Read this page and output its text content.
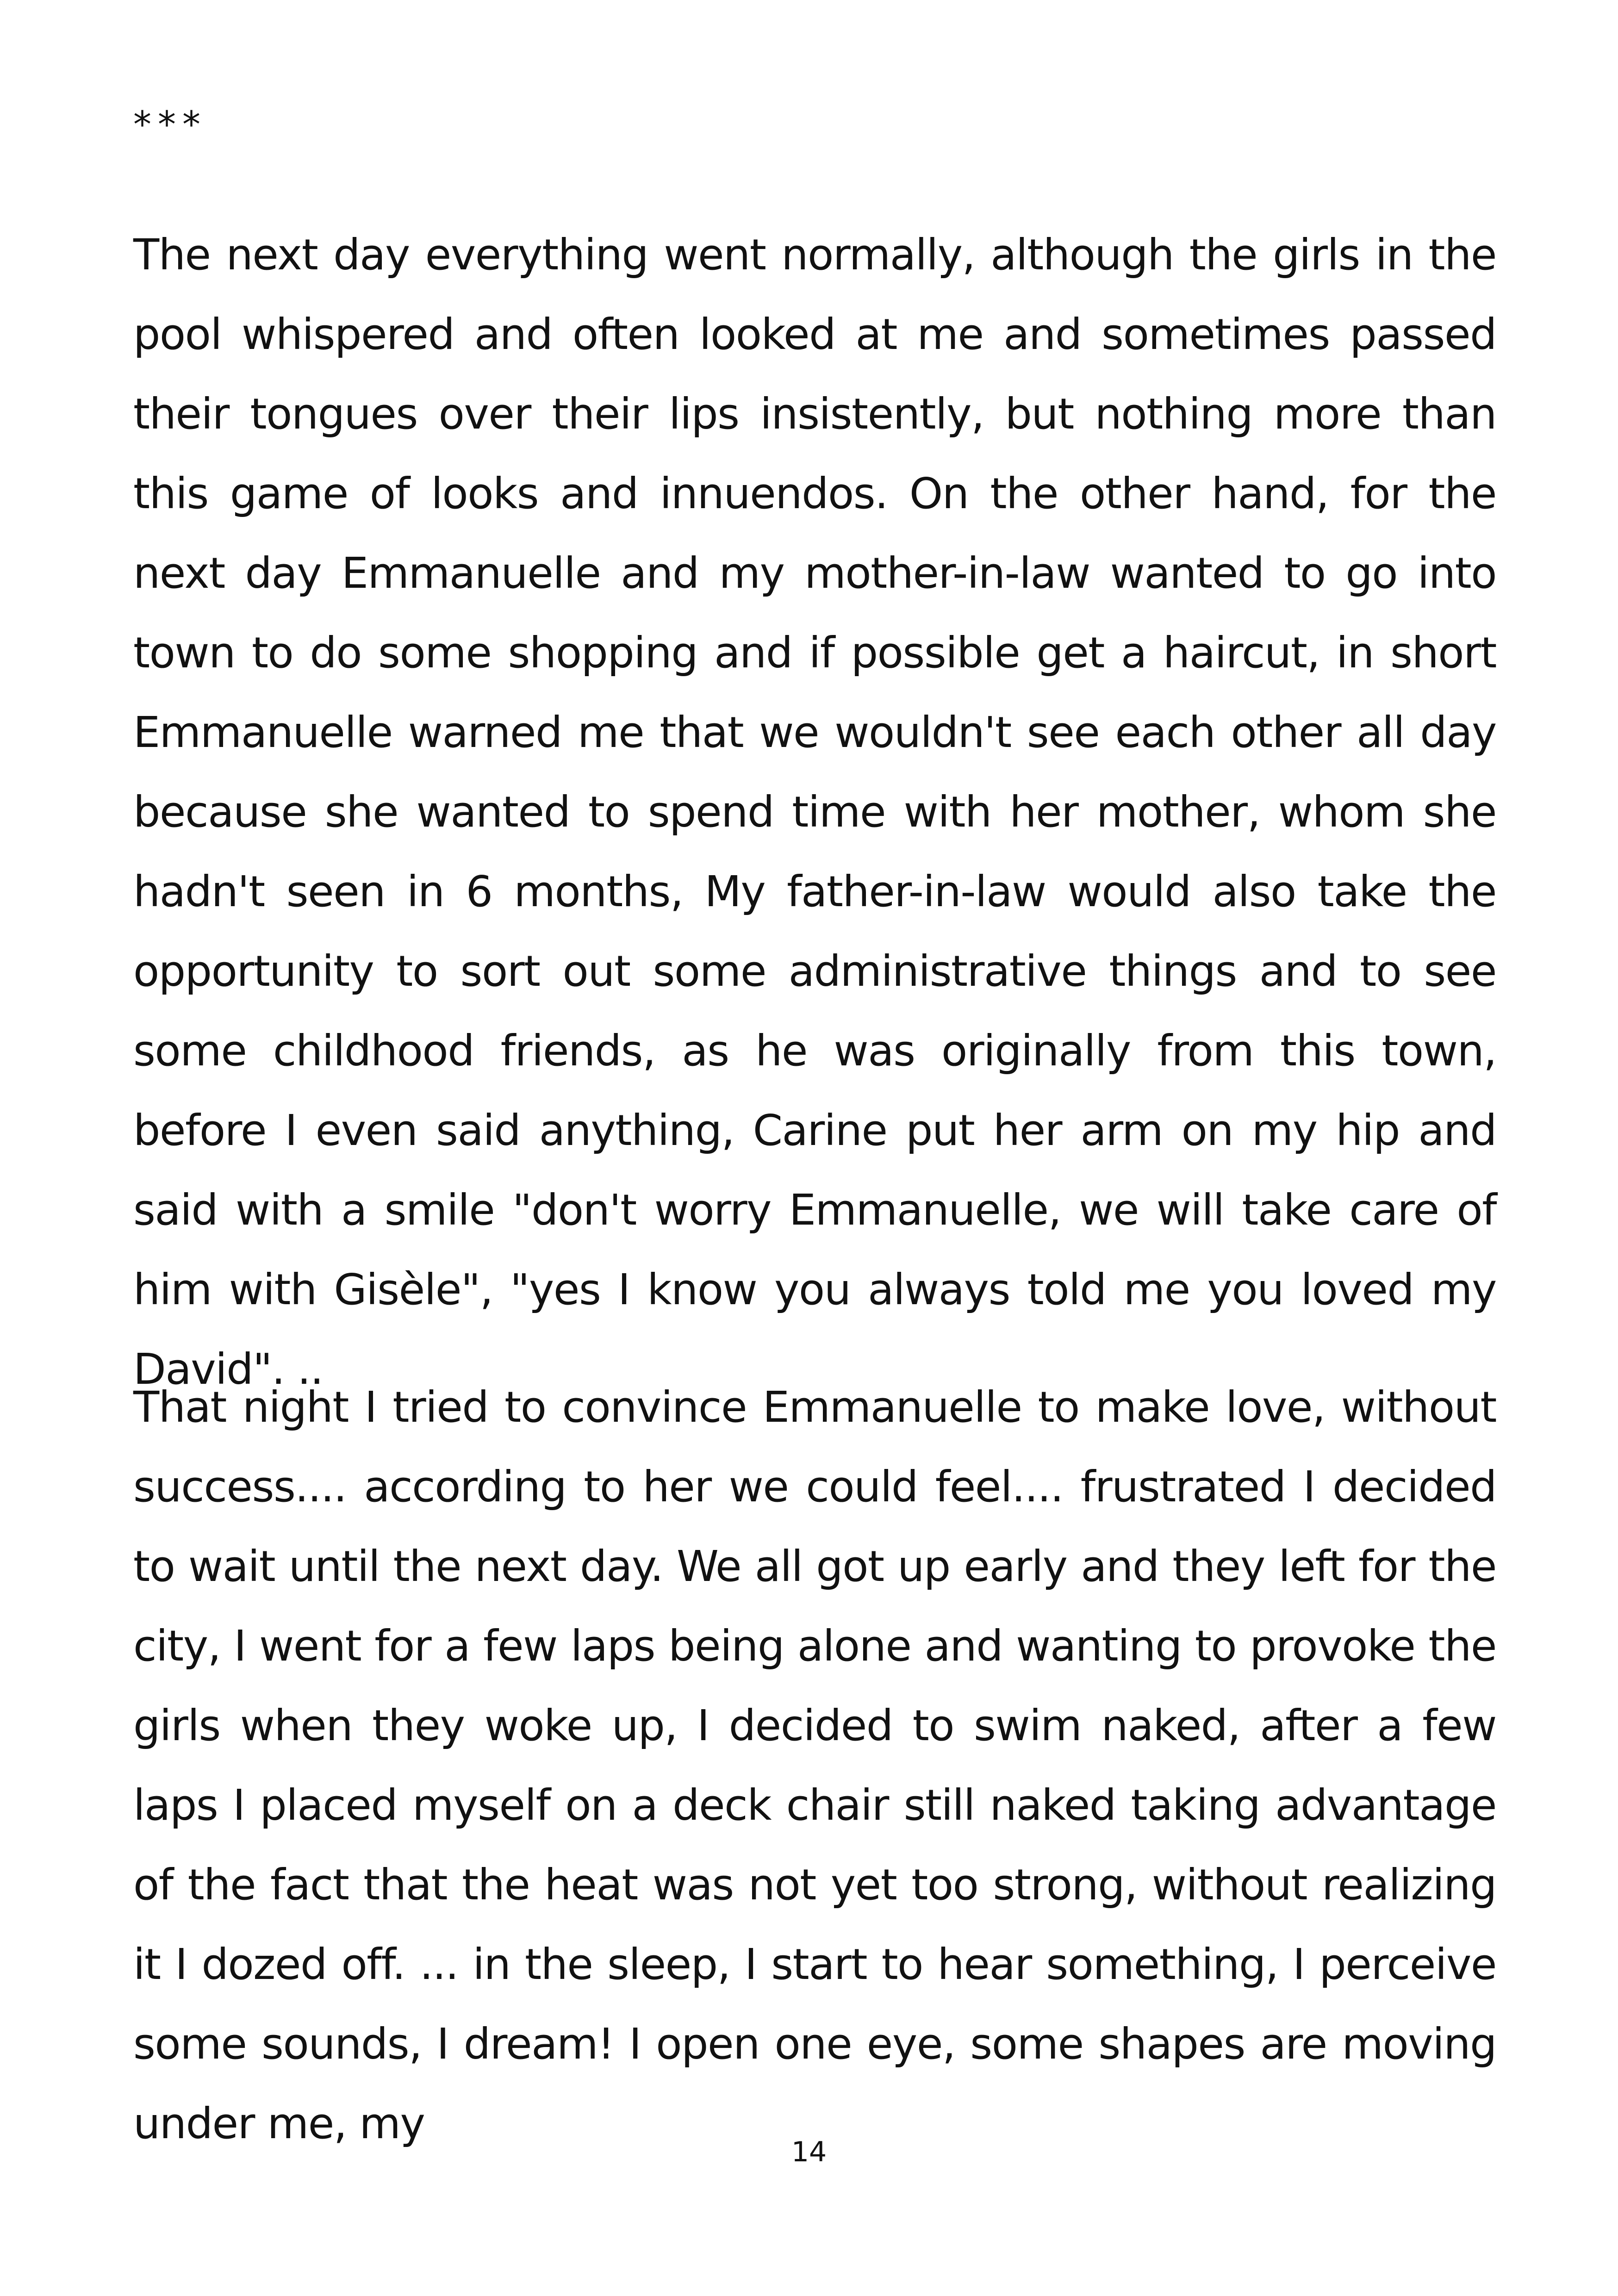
***

The next day everything went normally, although the girls in the pool whispered and often looked at me and sometimes passed their tongues over their lips insistently, but nothing more than this game of looks and innuendos. On the other hand, for the next day Emmanuelle and my mother-in-law wanted to go into town to do some shopping and if possible get a haircut, in short Emmanuelle warned me that we wouldn't see each other all day because she wanted to spend time with her mother, whom she hadn't seen in 6 months, My father-in-law would also take the opportunity to sort out some administrative things and to see some childhood friends, as he was originally from this town, before I even said anything, Carine put her arm on my hip and said with a smile "don't worry Emmanuelle, we will take care of him with Gisèle", "yes I know you always told me you loved my David". ..

That night I tried to convince Emmanuelle to make love, without success.... according to her we could feel.... frustrated I decided to wait until the next day. We all got up early and they left for the city, I went for a few laps being alone and wanting to provoke the girls when they woke up, I decided to swim naked, after a few laps I placed myself on a deck chair still naked taking advantage of the fact that the heat was not yet too strong, without realizing it I dozed off. ... in the sleep, I start to hear something, I perceive some sounds, I dream! I open one eye, some shapes are moving under me, my

14
